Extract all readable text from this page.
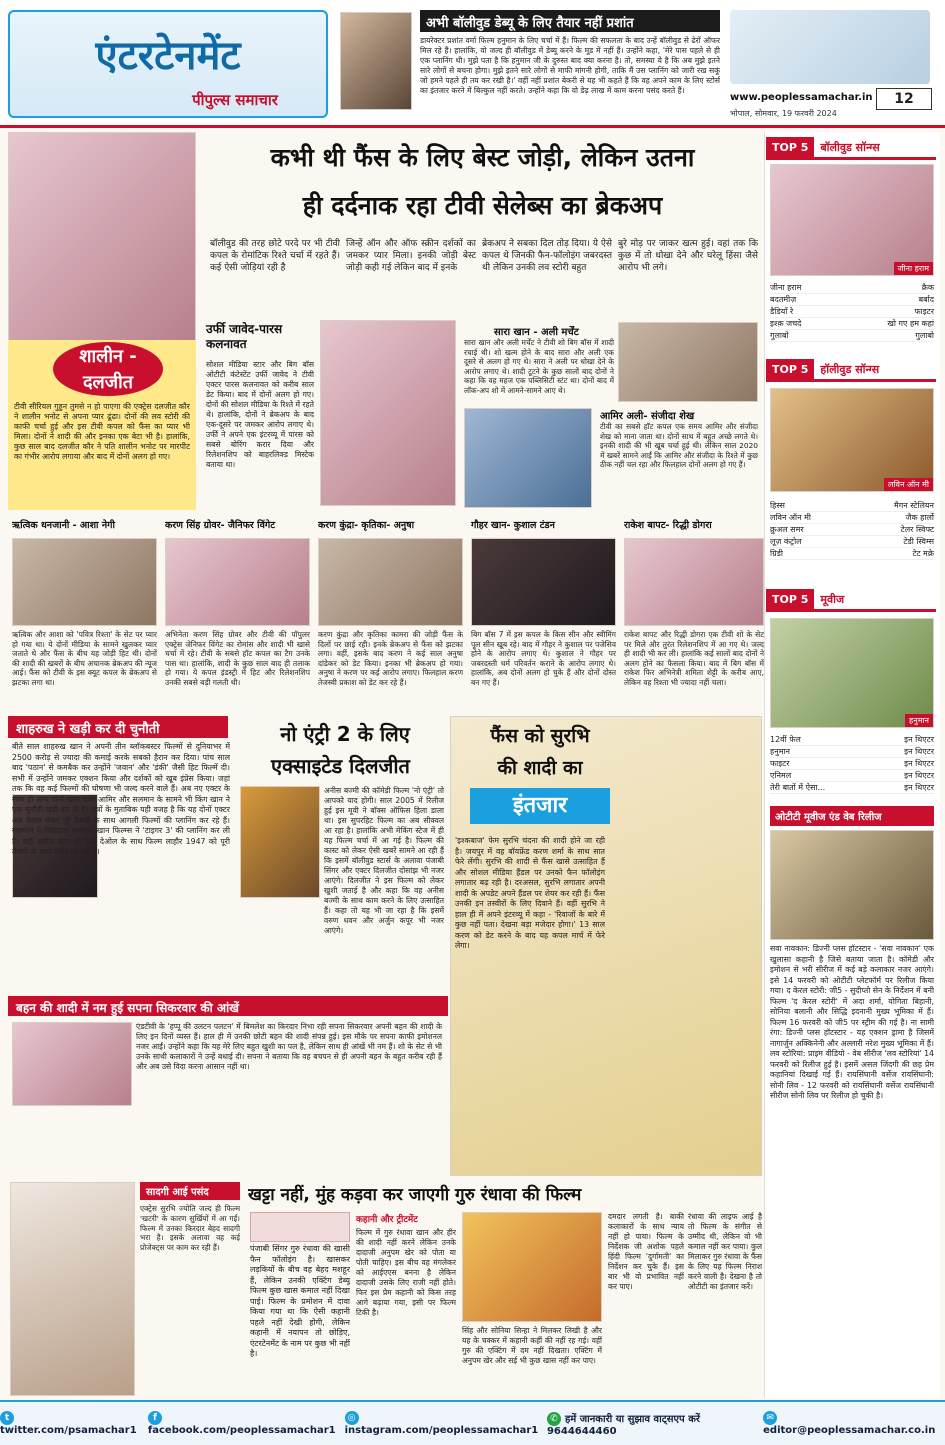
एंटरटेनमेंट
पीपुल्स समाचार
अभी बॉलीवुड डेब्यू के लिए तैयार नहीं प्रशांत
डायरेक्टर प्रशांत वर्मा फिल्म हनुमान के लिए चर्चा में हैं। फिल्म की सफलता के बाद उन्हें बॉलीवुड से ढेरों ऑफर मिल रहे हैं। हालांकि, वो जल्द ही बॉलीवुड में डेब्यू करने के मूड में नहीं हैं। उन्होंने कहा, 'मेरे पास पहले से ही एक प्लानिंग थी। मुझे पता है कि हनुमान जी के दुरुस्त बाद क्या करना है। तो, समस्या ये है कि अब मुझे इतने सारे लोगों से बचना होगा। मुझे इतने सारे लोगों से माफी मांगनी होगी, ताकि मैं उस प्लानिंग को जारी रख सकूं जो हमने पहले ही तय कर रखी है।' वहीं नहीं प्रशांत बेकरी से यह भी कहते हैं कि वह अपने काम के लिए स्टोर्स का इंतजार करने में बिल्कुल नहीं करते। उन्होंने कहा कि वो डेढ़ लाख में काम करना पसंद करते हैं।
www.peoplessamachar.in	12
भोपाल, सोमवार, 19 फरवरी 2024
कभी थी फैंस के लिए बेस्ट जोड़ी, लेकिन उतना
ही दर्दनाक रहा टीवी सेलेब्स का ब्रेकअप
बॉलीवुड की तरह छोटे परदे पर भी टीवी कपल के रोमांटिक रिश्ते चर्चा में रहते हैं। कई ऐसी जोड़ियां रही है
जिन्हें ऑन और ऑफ स्क्रीन दर्शकों का जमकर प्यार मिला। इनकी जोड़ी बेस्ट जोड़ी कही गई लेकिन बाद में इनके
ब्रेकअप ने सबका दिल तोड़ दिया। ये ऐसे कपल थे जिनकी फैन-फॉलोइंग जबरदस्त थी लेकिन उनकी लव स्टोरी बहुत
बुरे मोड़ पर जाकर खत्म हुई। वहां तक कि कुछ में तो धोखा देने और घरेलू हिंसा जैसे आरोप भी लगे।
शालीन - दलजीत
टीवी सीरियल गुड्डन तुमसे न हो पाएगा की एक्ट्रेस दलजीत कौर ने शालीन भनोट से अपना प्यार ढूंढा। दोनों की लव स्टोरी की काफी चर्चा हुई और इस टीवी कपल को फैंस का प्यार भी मिला। दोनों ने शादी की और इनका एक बेटा भी है। हालांकि, कुछ साल बाद दलजीत कौर ने पति शालीन भनोट पर मारपीट का गंभीर आरोप लगाया और बाद में दोनों अलग हो गए।
उर्फी जावेद-पारस कलनावत
सोशल मीडिया स्टार और बिग बॉस ओटीटी कंटेस्टेंट उर्फी जावेद ने टीवी एक्टर पारस कलनावत को करीब साल डेट किया। बाद में दोनों अलग हो गए। दोनों की सोशल मीडिया के रिश्ते में रहते थे। हालांकि, दोनों ने ब्रेकअप के बाद एक-दूसरे पर जमकर आरोप लगाए थे। उर्फी ने अपने एक इंटरव्यू में पारस को सबसे बोरिंग करार दिया और रिलेशनशिप को बाहरलिक्ड मिस्टेक बताया था।
सारा खान - अली मर्चेंट
सारा खान और अली मर्चेंट ने टीवी शो बिग बॉस में शादी रचाई थी। शो खत्म होने के बाद सारा और अली एक दूसरे से अलग हो गए थे। सारा ने अली पर धोखा देने के आरोप लगाए थे। शादी टूटने के कुछ सालों बाद दोनों ने कहा कि वह महज एक पब्लिसिटी स्टंट था। दोनों बाद में लॉक-अप शो में आमने-सामने आए थे।
आमिर अली- संजीदा शेख
टीवी का सबसे हॉट कपल एक समय आमिर और संजीदा शेख को माना जाता था। दोनों साथ में बहुत अच्छे लगते थे। इनकी शादी की भी खूब चर्चा हुई थी। लेकिन साल 2020 में खबरें सामने आईं कि आमिर और संजीदा के रिश्ते में कुछ ठीक नहीं चल रहा और फिलहाल दोनों अलग हो गए हैं।
ऋत्विक धनजानी - आशा नेगी	करण सिंह ग्रोवर- जैनिफर विंगेट	करण कुंद्रा- कृतिका- अनुषा	गौहर खान- कुशाल टंडन	राकेश बापट- रिद्धी डोगरा
ऋत्विक और आशा को 'पवित्र रिश्ता' के सेट पर प्यार हो गया था। ये दोनों मीडिया के सामने खुलकर प्यार जताते थे और फैंस के बीच यह जोड़ी हिट थी। दोनों की शादी की खबरों के बीच अचानक ब्रेकअप की न्यूज आई। फैंस को टीवी के इस क्यूट कपल के ब्रेकअप से झटका लगा था।
अभिनेता करण सिंह ग्रोवर और टीवी की पॉपुलर एक्ट्रेस जेनिफर विंगेट का रोमांस और शादी भी खासे चर्चा में रहे। टीवी के सबसे हॉट कपल का टैग उनके पास था। हालांकि, शादी के कुछ साल बाद ही तलाक हो गया। ये कपल इंडस्ट्री में हिट और रिलेशनशिप उनकी सबसे बड़ी गलती थी।
करण कुंद्रा और कृतिका कामरा की जोड़ी फैंस के दिलों पर छाई रही। इनके ब्रेकअप से फैंस को झटका लगा। वहीं, इसके बाद करण ने कई साल अनुषा दांडेकर को डेट किया। इनका भी ब्रेकअप हो गया। अनुषा ने करण पर कई आरोप लगाए। फिलहाल करण तेजस्वी प्रकाश को डेट कर रहे हैं।
बिग बॉस 7 में इस कपल के किस सीन और स्वीमिंग पूल सीन खूब रहे। बाद में गौहर ने कुशाल पर पजेसिव होने के आरोप लगाए थे। कुशाल ने गौहर पर जबरदस्ती धर्म परिवर्तन कराने के आरोप लगाए थे। हालांकि, अब दोनों अलग हो चुके हैं और दोनों दोस्त बन गए हैं।
राकेश बापट और रिद्धी डोगरा एक टीवी शो के सेट पर मिले और तुरंत रिलेशनशिप में आ गए थे। जल्द ही शादी भी कर ली। हालांकि कई सालों बाद दोनों ने अलग होने का फैसला किया। बाद में बिग बॉस में राकेश फिर अभिनेत्री शमिता शेट्टी के करीब आए, लेकिन वह रिश्ता भी ज्यादा नहीं चला।
शाहरुख ने खड़ी कर दी चुनौती
बीते साल शाहरुख खान ने अपनी तीन ब्लॉकबस्टर फिल्मों से दुनियाभर में 2500 करोड़ से ज्यादा की कमाई करके सबको हैरान कर दिया। पांच साल बाद 'पठान' से कमबैक कर उन्होंने 'जवान' और 'डंकी' जैसी हिट फिल्में दी। सभी में उन्होंने जमकर एक्शन किया और दर्शकों को खूब इंप्रेस किया। जहां तक कि वह कई फिल्मों की घोषणा भी जल्द करने वाले हैं। अब नए एक्टर के साथ ही अन्य दोनों खान यानि आमिर और सलमान के सामने भी किंग खान ने एक चुनौती खड़ी कर दी है। सूत्रों के मुताबिक यही वजह है कि यह दोनों एक्टर अब केवल लेकर पूरे तैयारी के साथ आगली फिल्मों की प्लानिंग कर रहे हैं। सलमान ने फिलहाल सलमान खान फिल्म्स ने 'टाइगर 3' की प्लानिंग कर ली है। वहीं आमिर खान भी सनी देओल के साथ फिल्म लाहौर 1947 को पूरी तैयारी के साथ प्लॉन पर लगे हैं।
नो एंट्री 2 के लिए
एक्साइटेड दिलजीत
अनीस बज्मी की कॉमेडी फिल्म 'नो एंट्री' तो आपको याद होगी। साल 2005 में रिलीज हुई इस मूवी ने बॉक्स ऑफिस हिला डाला था। इस सुपरहिट फिल्म का अब सीक्वल आ रहा है। हालांकि अभी मेकिंग स्टेज में ही यह फिल्म चर्चा में आ गई है। फिल्म की कास्ट को लेकर ऐसी खबरें सामने आ रही हैं कि इसमें बॉलीवुड स्टार्स के अलावा पंजाबी सिंगर और एक्टर दिलजीत दोसांझ भी नजर आएंगे। दिलजीत ने इस फिल्म को लेकर खुशी जताई है और कहा कि वह अनीस बज्मी के साथ काम करने के लिए उत्साहित हैं। कहा तो यह भी जा रहा है कि इसमें वरुण धवन और अर्जुन कपूर भी नजर आएंगे।
फैंस को सुरभि
की शादी का
इंतजार
'इश्कबाज' फेम सुरभि चंदना की शादी होने जा रही है। जयपुर में वह बॉयफ्रेंड करण शर्मा के साथ सात फेरे लेंगी। सुरभि की शादी से फैंस खासे उत्साहित हैं और सोशल मीडिया हैंडल पर उनको फैन फॉलोइंग लगातार बढ़ रही है। दरअसल, सुरभि लगातार अपनी शादी के अपडेट अपने हैंडल पर शेयर कर रही हैं। फैंस उनकी इन तस्वीरों के लिए दिवाने हैं। वहीं सुरभि ने हाल ही में अपने इंटरव्यू में कहा - 'रिवाजों के बारे में कुछ नहीं पता। देखना बड़ा मजेदार होगा।' 13 साल करण को डेट करने के बाद यह कपल मार्च में फेरे लेगा।
बहन की शादी में नम हुई सपना सिकरवार की आंखें
एंडटीवी के 'हप्पू की उलटन पलटन' में बिमलेश का किरदार निभा रही सपना सिकरवार अपनी बहन की शादी के लिए इन दिनों व्यस्त हैं। हाल ही में उनकी छोटी बहन की शादी संपन्न हुई। इस मौके पर सपना काफी इमोशनल नजर आईं। उन्होंने कहा कि यह मेरे लिए बहुत खुशी का पल है, लेकिन साथ ही आंखें भी नम हैं। शो के सेट से भी उनके साथी कलाकारों ने उन्हें बधाई दी। सपना ने बताया कि वह बचपन से ही अपनी बहन के बहुत करीब रही हैं और अब उसे विदा करना आसान नहीं था।
सादगी आई पसंद
एक्ट्रेस सुरभि ज्योति जल्द ही फिल्म 'खटरी' के कारण सुर्खियों में आ गईं। फिल्म में उनका किरदार बेहद सादगी भरा है। इसके अलावा वह कई प्रोजेक्ट्स पर काम कर रही हैं।
खट्टा नहीं, मुंह कड़वा कर जाएगी गुरु रंधावा की फिल्म
पंजाबी सिंगर गुरु रंधावा की खासी फैन फॉलोइंग है। खासकर लड़कियों के बीच वह बेहद मशहूर हैं, लेकिन उनकी एक्टिंग डेब्यू फिल्म कुछ खास कमाल नहीं दिखा पाई। फिल्म के प्रमोशन में दावा किया गया था कि ऐसी कहानी पहले नहीं देखी होगी, लेकिन कहानी में नयापन तो छोड़िए, एंटरटेनमेंट के नाम पर कुछ भी नहीं है।
कहानी और ट्रीटमेंट
फिल्म में गुरु रंधावा खान और हीर की शादी नहीं करने लेकिन उनके दादाजी अनुपम खेर को पोता या पोती चाहिए। इस बीच वह मंगलेकर को आईएएस बनना है लेकिन दादाजी उसके लिए राजी नहीं होते। फिर इस प्रेम कहानी को किस तरह आगे बढ़ाया गया, इसी पर फिल्म टिकी है।
सिंह और सोनिया सिन्हा ने मिलकर लिखी है और यह के चक्कर में कहानी कहीं की नहीं रह गई। वहीं गुरु की एक्टिंग में दम नहीं दिखता। एक्टिंग में अनुपम खेर और सई भी कुछ खास नहीं कर पाए।
दमदार लगती है। बाकी कलाकारों के साथ न्याय नहीं हो पाया। फिल्म के निर्देशक जी अशोक पहले हिंदी फिल्म 'दुर्गामती' का निर्देशन कर चुके हैं। इस बार भी वो प्रभावित नहीं कर पाए।
रंधावा की लाइफ आई है तो फिल्म के संगीत से उम्मीद थी, लेकिन वो भी कमाल नहीं कर पाया। कुल मिलाकर गुरु रंधावा के फैंस के लिए यह फिल्म निराश करने वाली है। देखना है तो ओटीटी का इंतजार करें।
TOP 5	बॉलीवुड सॉन्ग्स
जीना हराम
जीना हराम	क्रैक
बदतमीज़	बर्बाद
डैडियाँ रे	फाइटर
इश्क़ जचदे	खो गए हम कहां
गुलाबो	गुलाबो
TOP 5	हॉलीवुड सॉन्ग्स
लविन ऑन मी
हिस्स	मैगन स्टेलियन
लविन ऑन मी	जैक हार्लो
क्रुअल समर	टेलर स्विफ्ट
लूज़ कंट्रोल	टेडी स्विम्स
ग्रिडी	टेट मक्रे
TOP 5	मूवीज
हनुमान
12वीं फेल	इन थिएटर
हनुमान	इन थिएटर
फाइटर	इन थिएटर
एनिमल	इन थिएटर
तेरी बातों में ऐसा...	इन थिएटर
ओटीटी मूवीज एंड वेब रिलीज
सवा नावकान: डिज्नी प्लस हॉटस्टार - 'सवा नावकान' एक खुलासा कहानी है जिसे बताया जाता है। कॉमेडी और इमोशन से भरी सीरीज में कई बड़े कलाकार नजर आएंगे। इसे 14 फरवरी को ओटीटी प्लेटफॉर्म पर रिलीज किया गया। द केरल स्टोरी: जी5 - सुदीप्तो सेन के निर्देशन में बनी फिल्म 'द केरल स्टोरी' में अदा शर्मा, योगिता बिहानी, सोनिया बलानी और सिद्धि इदनानी मुख्य भूमिका में हैं। फिल्म 16 फरवरी को जी5 पर स्ट्रीम की गई है। ना सामी रंगा: डिज्नी प्लस हॉटस्टार - यह एक्शन ड्रामा है जिसमें नागार्जुन अक्किनेनी और अल्लारी नरेश मुख्य भूमिका में हैं। लव स्टोरियां: प्राइम वीडियो - वेब सीरीज 'लव स्टोरियां' 14 फरवरी को रिलीज हुई है। इसमें असल जिंदगी की छह प्रेम कहानियां दिखाई गई हैं। रायसिंघानी वर्सेज रायसिंघानी: सोनी लिव - 12 फरवरी को रायसिंघानी वर्सेज रायसिंघानी सीरीज सोनी लिव पर रिलीज हो चुकी है।
ttwitter.com/psamachar1
ffacebook.com/peoplessamachar1
◎instagram.com/peoplessamachar1
✆ हमें जानकारी या सुझाव वाट्सएप करें 9644644460
✉editor@peoplessamachar.co.in
